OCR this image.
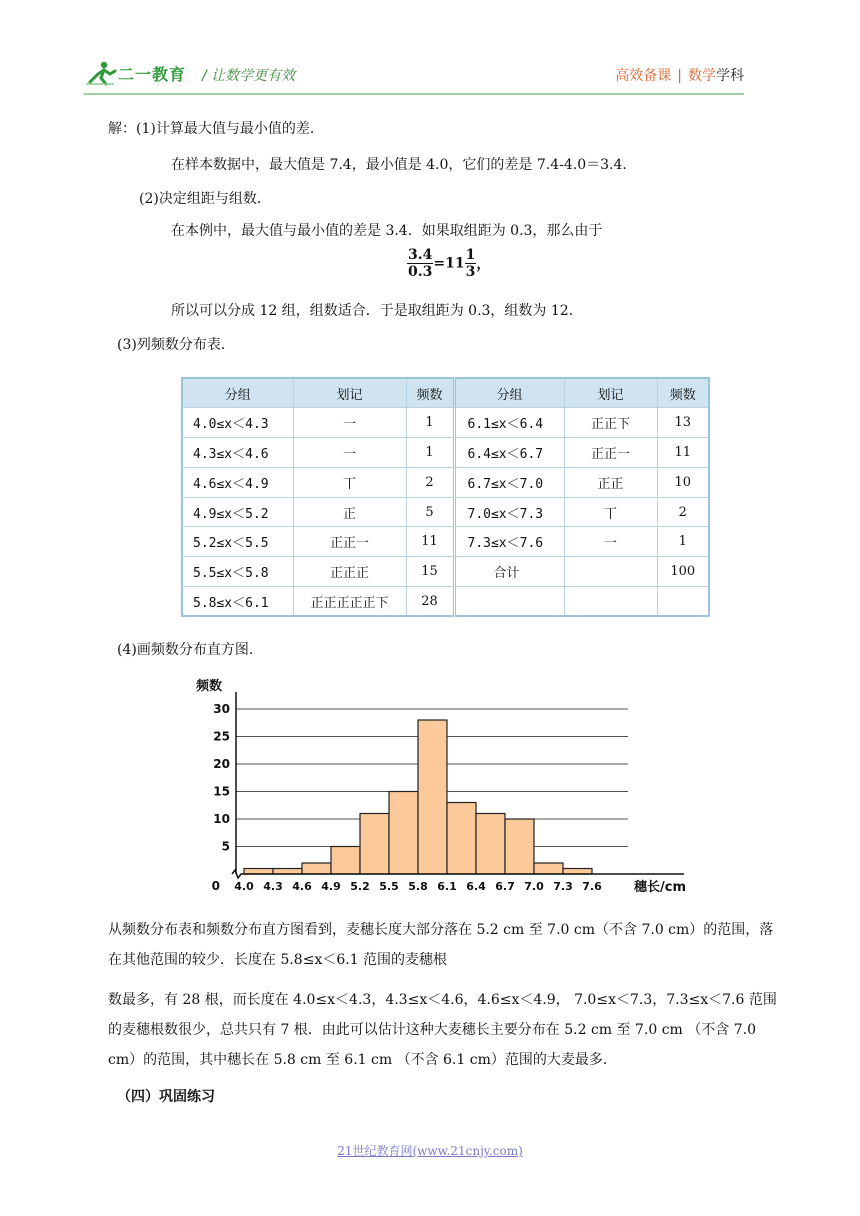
二一教育 / 让数学更有效	高效备课 | 数学学科
解：(1)计算最大值与最小值的差．
在样本数据中，最大值是 7.4，最小值是 4.0，它们的差是 7.4-4.0＝3.4．
(2)决定组距与组数．
在本例中，最大值与最小值的差是 3.4．如果取组距为 0.3，那么由于
$\frac{3.4}{0.3} =11 \frac{1}{3}$ ，
所以可以分成 12 组，组数适合．于是取组距为 0.3，组数为 12．
(3)列频数分布表．
分组	划记	频数	分组	划记	频数
4.0≤x＜4.3	一	1	6.1≤x＜6.4	正正下	13
4.3≤x＜4.6	一	1	6.4≤x＜6.7	正正一	11
4.6≤x＜4.9	丅	2	6.7≤x＜7.0	正正	10
4.9≤x＜5.2	正	5	7.0≤x＜7.3	丅	2
5.2≤x＜5.5	正正一	11	7.3≤x＜7.6	一	1
5.5≤x＜5.8	正正正	15	合计		100
5.8≤x＜6.1	正正正正正下	28			
(4)画频数分布直方图．
0
5
10
15
20
25
30
4.0 4.3 4.6 4.9 5.2 5.5 5.8 6.1 6.4 6.7 7.0 7.3 7.6
频数
穗长/cm
从频数分布表和频数分布直方图看到，麦穗长度大部分落在 5.2 cm 至 7.0 cm（不含 7.0 cm）的范围，落在其他范围的较少．长度在 5.8≤x＜6.1 范围的麦穗根
数最多，有 28 根，而长度在 4.0≤x＜4.3，4.3≤x＜4.6，4.6≤x＜4.9， 7.0≤x＜7.3，7.3≤x＜7.6 范围的麦穗根数很少，总共只有 7 根．由此可以估计这种大麦穗长主要分布在 5.2 cm 至 7.0 cm （不含 7.0 cm）的范围，其中穗长在 5.8 cm 至 6.1 cm （不含 6.1 cm）范围的大麦最多．
（四）巩固练习
21世纪教育网(www.21cnjy.com)
